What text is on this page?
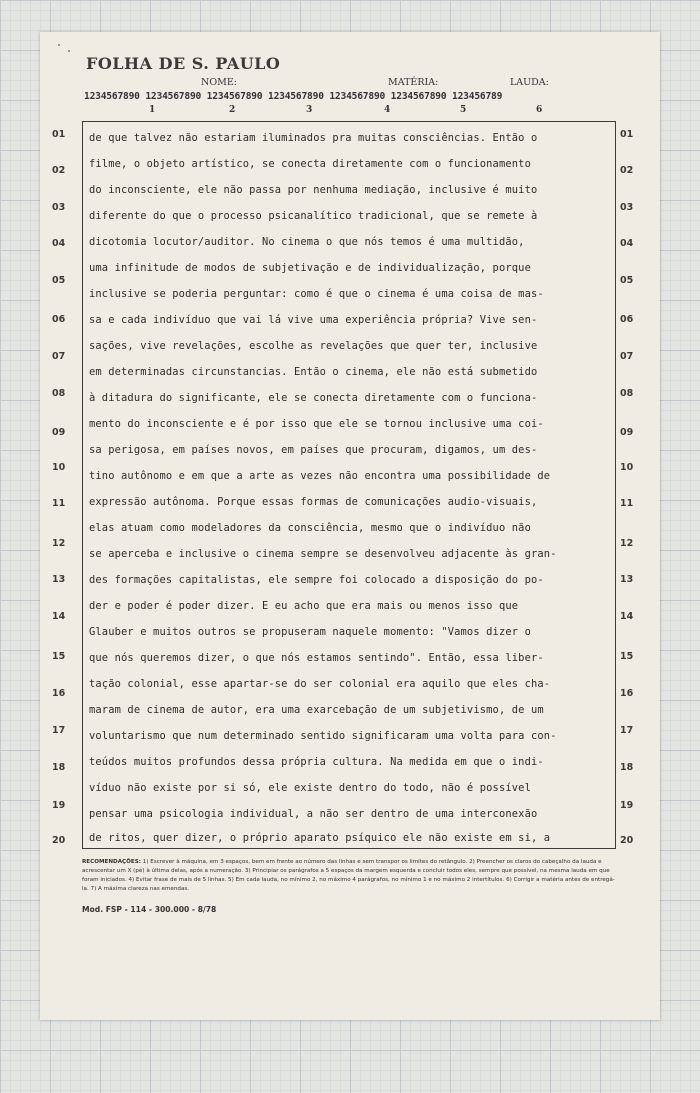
FOLHA DE S. PAULO
NOME:	MATÉRIA:	LAUDA:
1234567890 1234567890 1234567890 1234567890 1234567890 1234567890 123456789
1	2	3	4	5	6
01
02
03
04
05
06
07
08
09
10
11
12
13
14
15
16
17
18
19
20
01
02
03
04
05
06
07
08
09
10
11
12
13
14
15
16
17
18
19
20
de que talvez não estariam iluminados pra muitas consciências. Então o
filme, o objeto artístico, se conecta diretamente com o funcionamento
do inconsciente, ele não passa por nenhuma mediação, inclusive é muito
diferente do que o processo psicanalítico tradicional, que se remete à
dicotomia locutor/auditor. No cinema o que nós temos é uma multidão,
uma infinitude de modos de subjetivação e de individualização, porque
inclusive se poderia perguntar: como é que o cinema é uma coisa de mas-
sa e cada indivíduo que vai lá vive uma experiência própria? Vive sen-
sações, vive revelações, escolhe as revelações que quer ter, inclusive
em determinadas circunstancias. Então o cinema, ele não está submetido
à ditadura do significante, ele se conecta diretamente com o funciona-
mento do inconsciente e é por isso que ele se tornou inclusive uma coi-
sa perigosa, em países novos, em países que procuram, digamos, um des-
tino autônomo e em que a arte as vezes não encontra uma possibilidade de
expressão autônoma. Porque essas formas de comunicações audio-visuais,
elas atuam como modeladores da consciência, mesmo que o indivíduo não
se aperceba e inclusive o cinema sempre se desenvolveu adjacente às gran-
des formações capitalistas, ele sempre foi colocado a disposição do po-
der e poder é poder dizer. E eu acho que era mais ou menos isso que
Glauber e muitos outros se propuseram naquele momento: "Vamos dizer o
que nós queremos dizer, o que nós estamos sentindo". Então, essa liber-
tação colonial, esse apartar-se do ser colonial era aquilo que eles cha-
maram de cinema de autor, era uma exarcebação de um subjetivismo, de um
voluntarismo que num determinado sentido significaram uma volta para con-
teúdos muitos profundos dessa própria cultura. Na medida em que o indi-
víduo não existe por si só, ele existe dentro do todo, não é possível
pensar uma psicologia individual, a não ser dentro de uma interconexão
de ritos, quer dizer, o próprio aparato psíquico ele não existe em si, a
RECOMENDAÇÕES: 1) Escrever à máquina, em 3 espaços, bem em frente ao número das linhas e sem transpor os limites do retângulo. 2) Preencher os claros do cabeçalho da lauda e acrescentar um X (pé) à última delas, após a numeração. 3) Principiar os parágrafos a 5 espaços da margem esquerda e concluir todos eles, sempre que possível, na mesma lauda em que foram iniciados. 4) Evitar frase de mais de 5 linhas. 5) Em cada lauda, no mínimo 2, no máximo 4 parágrafos, no mínimo 1 e no máximo 2 intertítulos. 6) Corrigir a matéria antes de entregá-la. 7) A máxima clareza nas emendas.
Mod. FSP - 114 - 300.000 - 8/78
